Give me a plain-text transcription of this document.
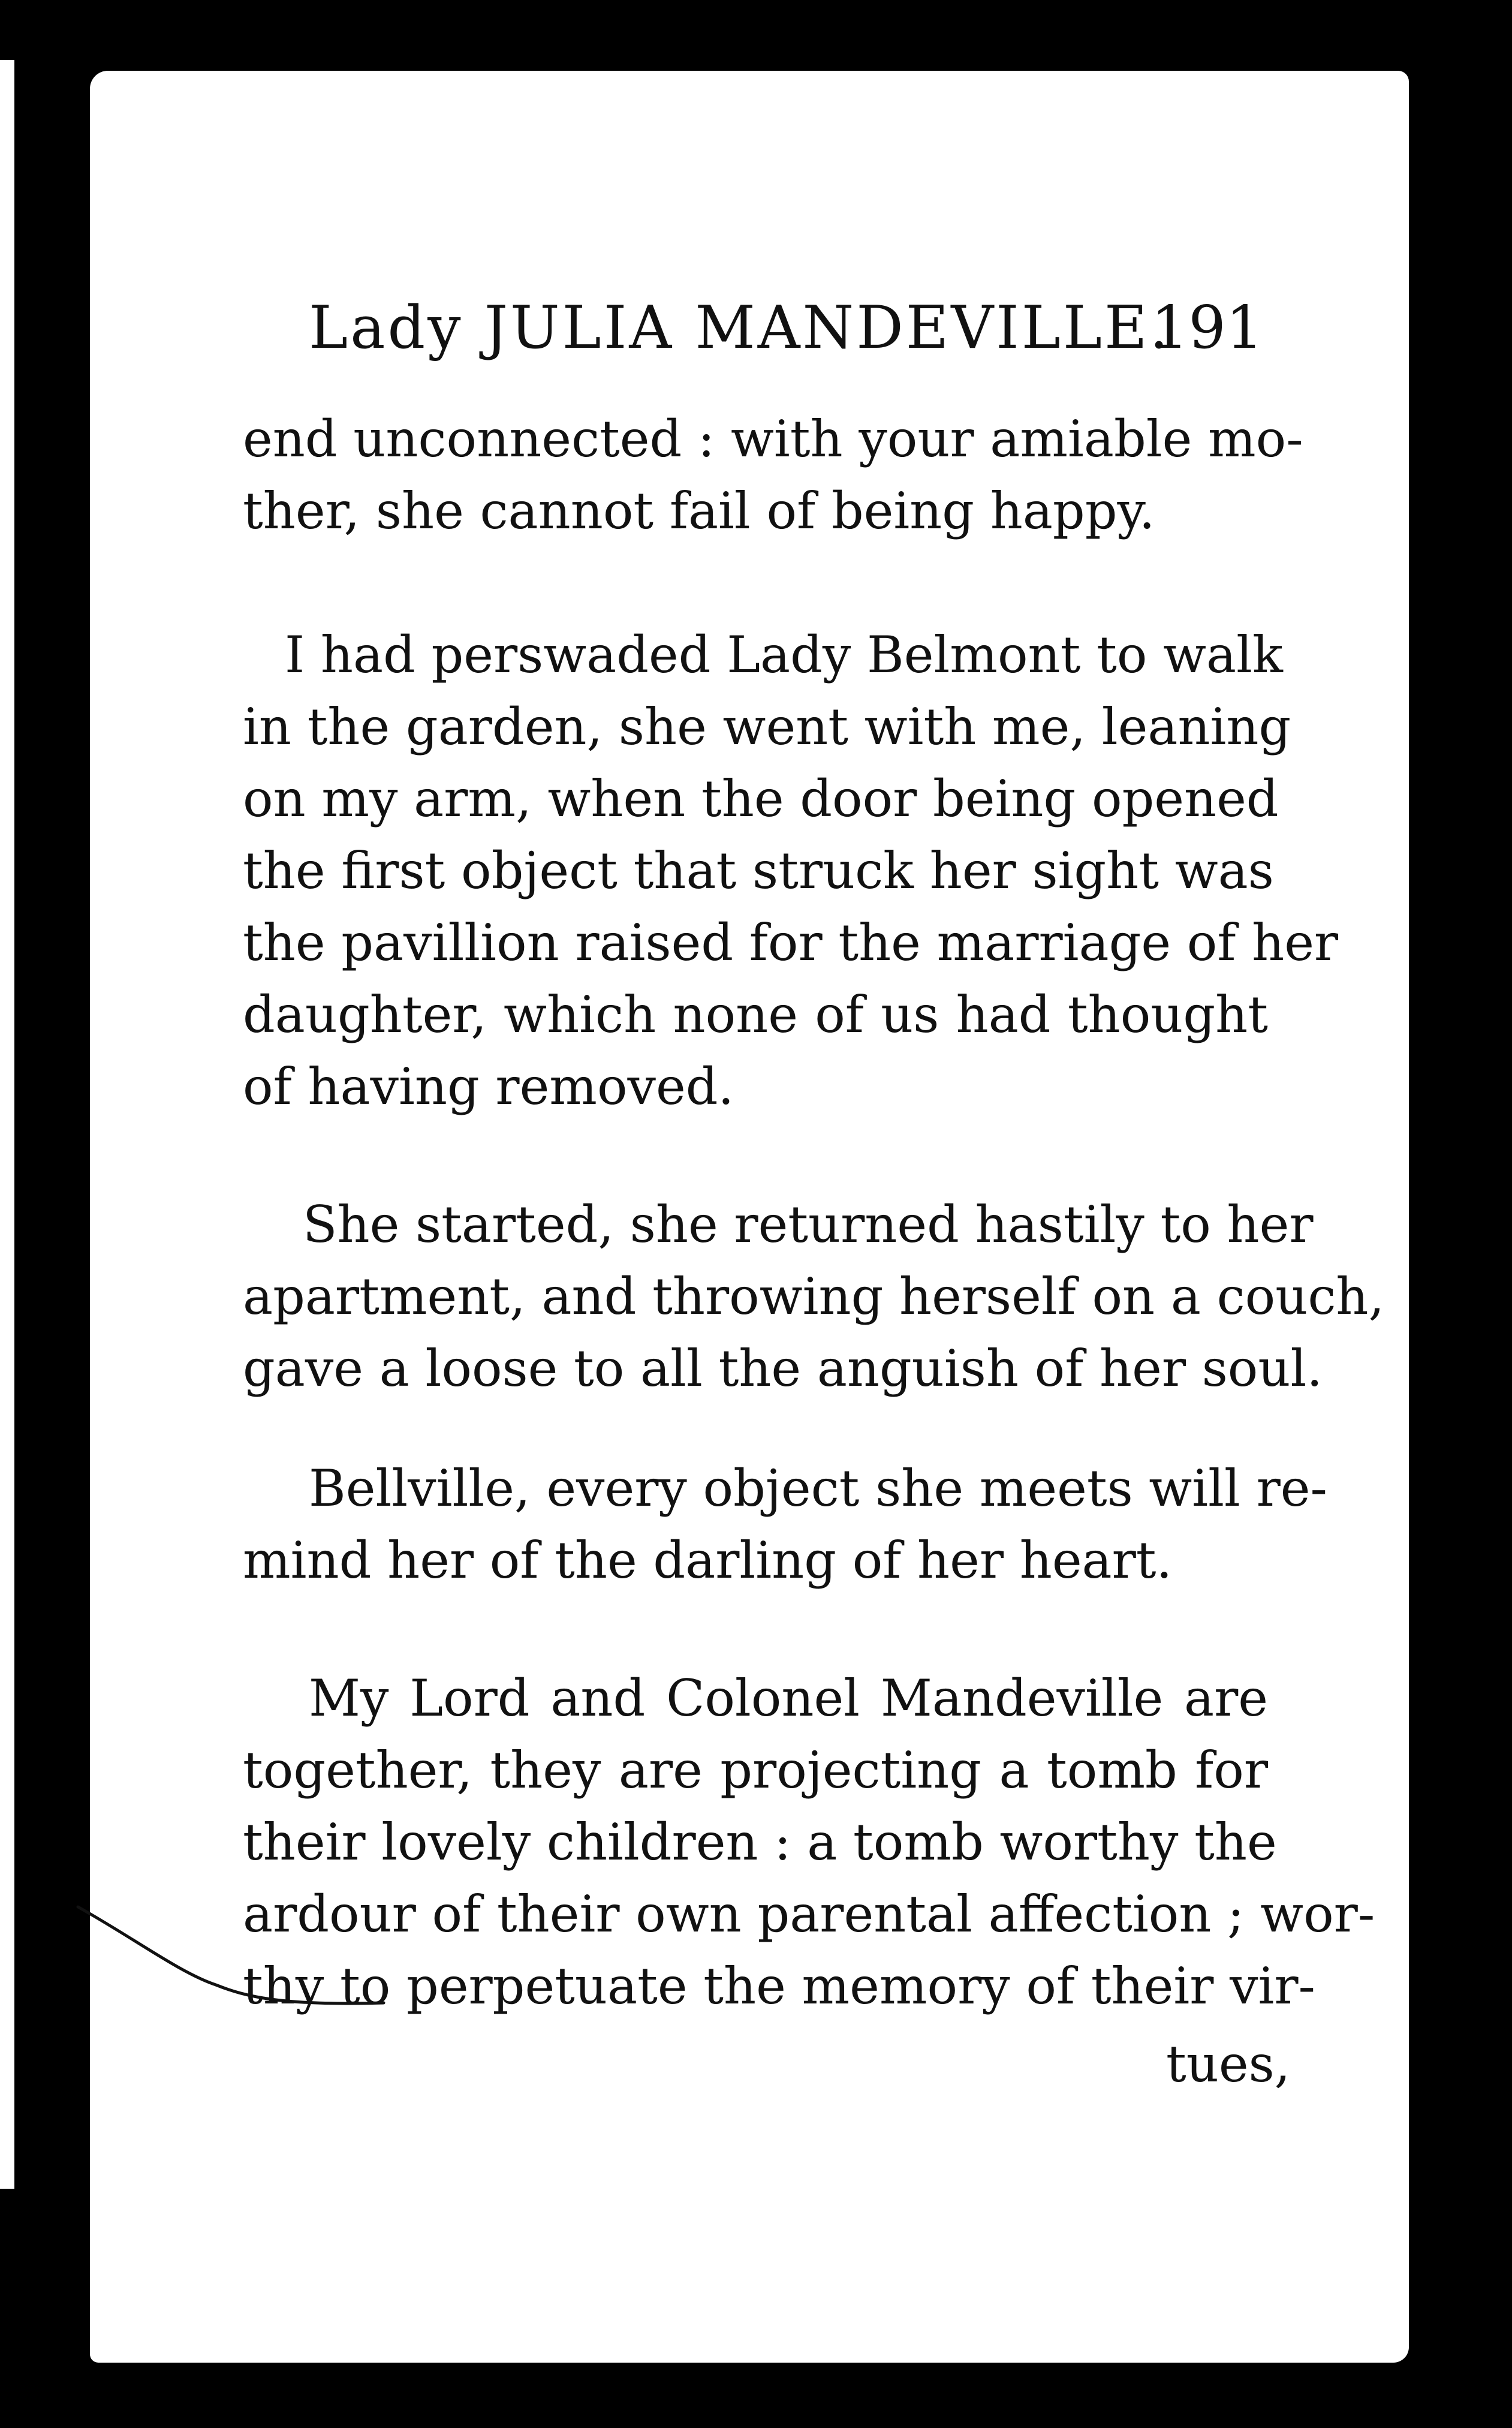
Lady JULIA MANDEVILLE.
191
end unconnected : with your amiable mo-
ther, she cannot fail of being happy.
I had perswaded Lady Belmont to walk
in the garden, she went with me, leaning
on my arm, when the door being opened
the first object that struck her sight was
the pavillion raised for the marriage of her
daughter, which none of us had thought
of having removed.
She started, she returned hastily to her
apartment, and throwing herself on a couch,
gave a loose to all the anguish of her soul.
Bellville, every object she meets will re-
mind her of the darling of her heart.
My Lord and Colonel Mandeville are
together, they are projecting a tomb for
their lovely children : a tomb worthy the
ardour of their own parental affection ; wor-
thy to perpetuate the memory of their vir-
tues,
